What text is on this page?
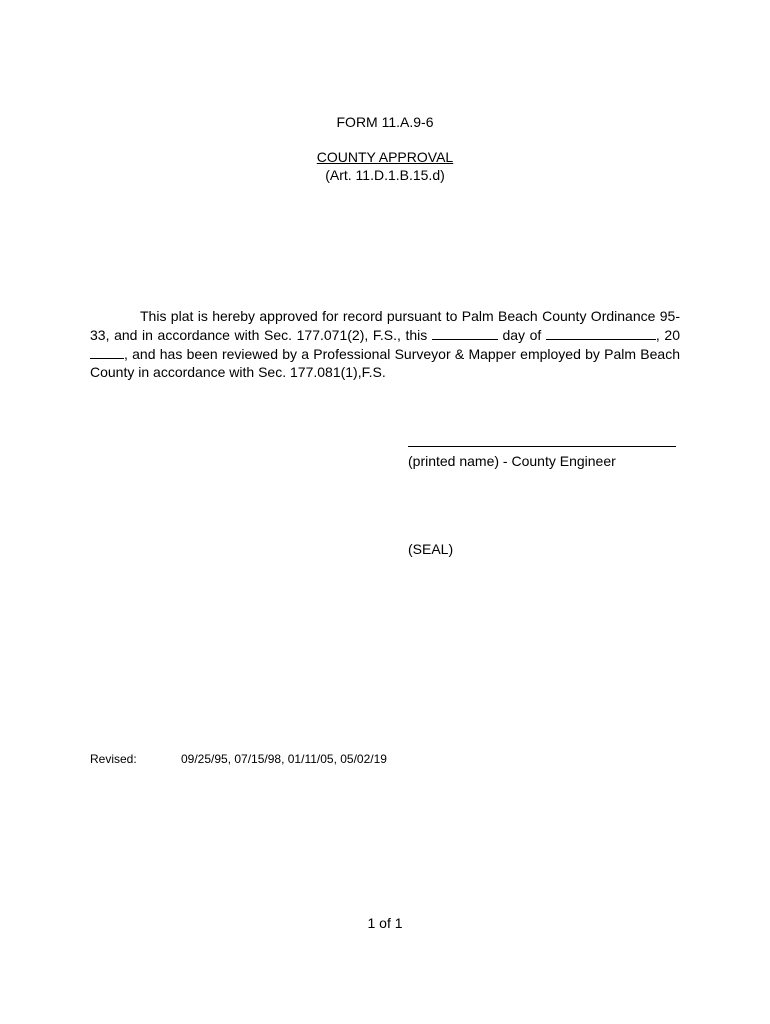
FORM 11.A.9-6
COUNTY APPROVAL
(Art. 11.D.1.B.15.d)
This plat is hereby approved for record pursuant to Palm Beach County Ordinance 95-33, and in accordance with Sec. 177.071(2), F.S., this	day of	, 20, and has been reviewed by a Professional Surveyor & Mapper employed by Palm Beach County in accordance with Sec. 177.081(1),F.S.
(printed name) - County Engineer
(SEAL)
Revised:	09/25/95, 07/15/98, 01/11/05, 05/02/19
1 of 1
